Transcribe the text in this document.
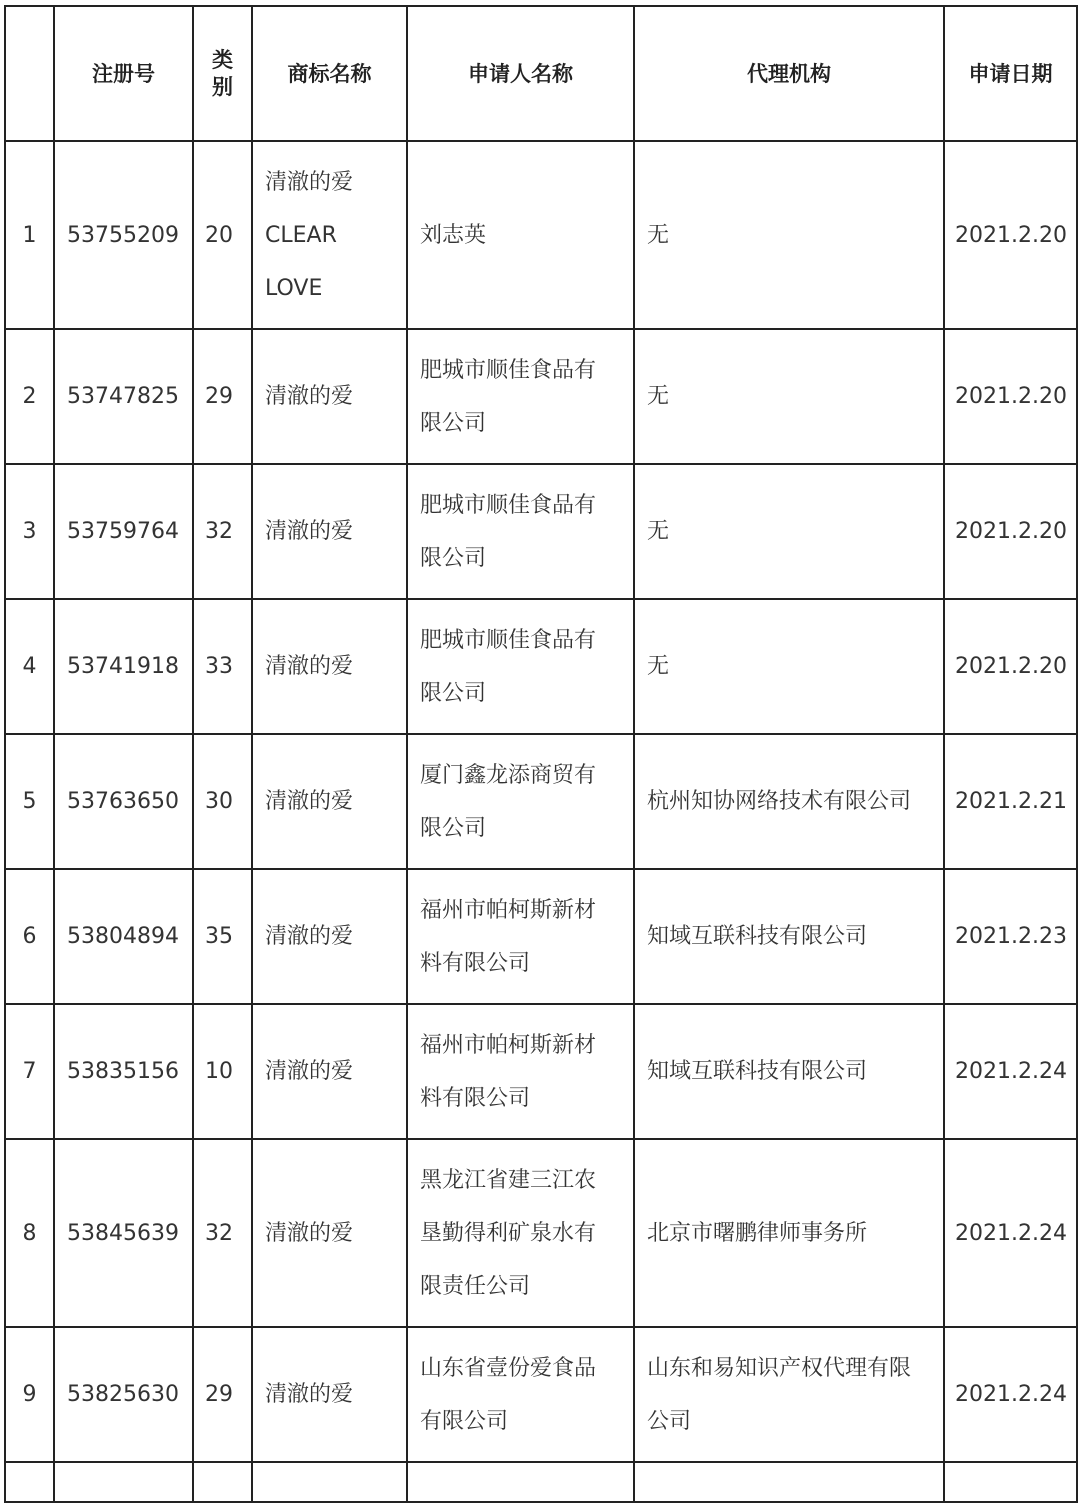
	注册号	类
别	商标名称	申请人名称	代理机构	申请日期
1	53755209	20	清澈的爱
CLEAR
LOVE	刘志英	无	2021.2.20
2	53747825	29	清澈的爱	肥城市顺佳食品有
限公司	无	2021.2.20
3	53759764	32	清澈的爱	肥城市顺佳食品有
限公司	无	2021.2.20
4	53741918	33	清澈的爱	肥城市顺佳食品有
限公司	无	2021.2.20
5	53763650	30	清澈的爱	厦门鑫龙添商贸有
限公司	杭州知协网络技术有限公司	2021.2.21
6	53804894	35	清澈的爱	福州市帕柯斯新材
料有限公司	知域互联科技有限公司	2021.2.23
7	53835156	10	清澈的爱	福州市帕柯斯新材
料有限公司	知域互联科技有限公司	2021.2.24
8	53845639	32	清澈的爱	黑龙江省建三江农
垦勤得利矿泉水有
限责任公司	北京市曙鹏律师事务所	2021.2.24
9	53825630	29	清澈的爱	山东省壹份爱食品
有限公司	山东和易知识产权代理有限
公司	2021.2.24
